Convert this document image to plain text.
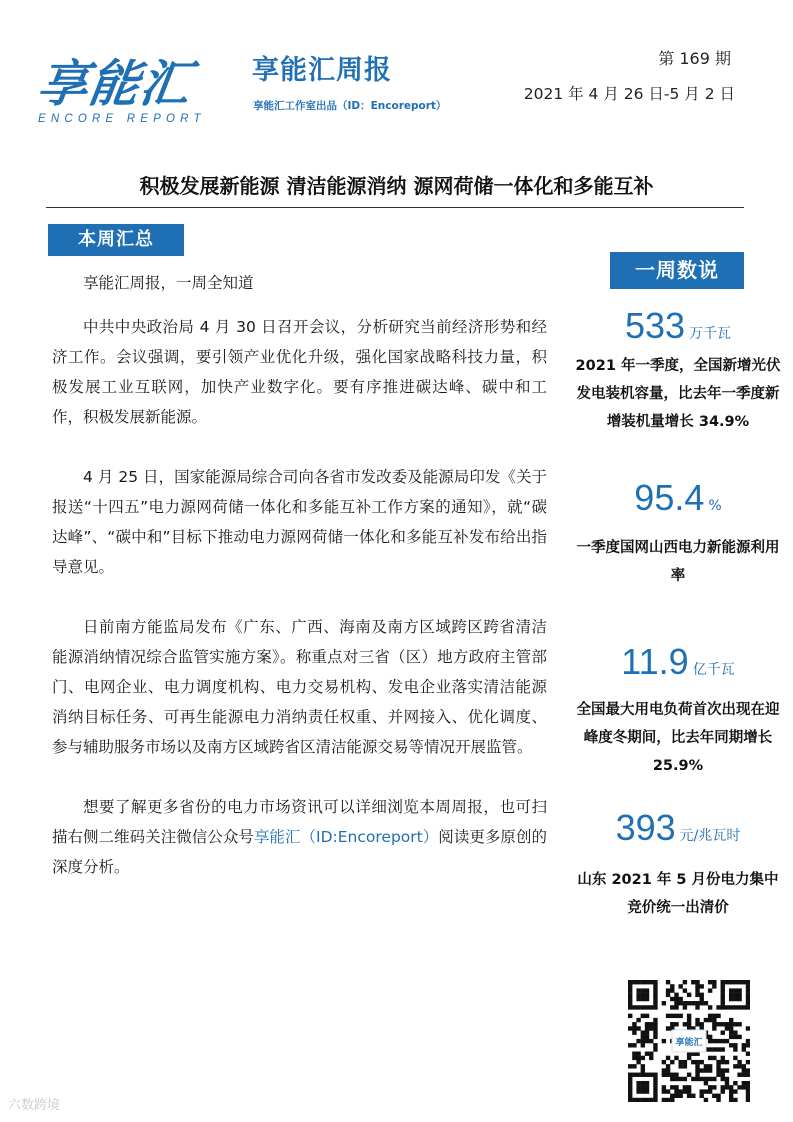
享能汇
ENCORE REPORT
享能汇周报
享能汇工作室出品（ID：Encoreport）
第 169 期
2021 年 4 月 26 日-5 月 2 日
积极发展新能源 清洁能源消纳 源网荷储一体化和多能互补
本周汇总

享能汇周报，一周全知道

中共中央政治局 4 月 30 日召开会议，分析研究当前经济形势和经济工作。会议强调，要引领产业优化升级，强化国家战略科技力量，积极发展工业互联网，加快产业数字化。要有序推进碳达峰、碳中和工作，积极发展新能源。

4 月 25 日，国家能源局综合司向各省市发改委及能源局印发《关于报送“十四五”电力源网荷储一体化和多能互补工作方案的通知》，就“碳达峰”、“碳中和”目标下推动电力源网荷储一体化和多能互补发布给出指导意见。

日前南方能监局发布《广东、广西、海南及南方区域跨区跨省清洁能源消纳情况综合监管实施方案》。称重点对三省（区）地方政府主管部门、电网企业、电力调度机构、电力交易机构、发电企业落实清洁能源消纳目标任务、可再生能源电力消纳责任权重、并网接入、优化调度、参与辅助服务市场以及南方区域跨省区清洁能源交易等情况开展监管。

想要了解更多省份的电力市场资讯可以详细浏览本周周报，也可扫描右侧二维码关注微信公众号享能汇（ID:Encoreport）阅读更多原创的深度分析。

一周数说
533 万千瓦
2021 年一季度，全国新增光伏发电装机容量，比去年一季度新增装机量增长 34.9%
95.4 %
一季度国网山西电力新能源利用率
11.9 亿千瓦
全国最大用电负荷首次出现在迎峰度冬期间，比去年同期增长 25.9%
393 元/兆瓦时
山东 2021 年 5 月份电力集中竞价统一出清价
享能汇
六数跨境
